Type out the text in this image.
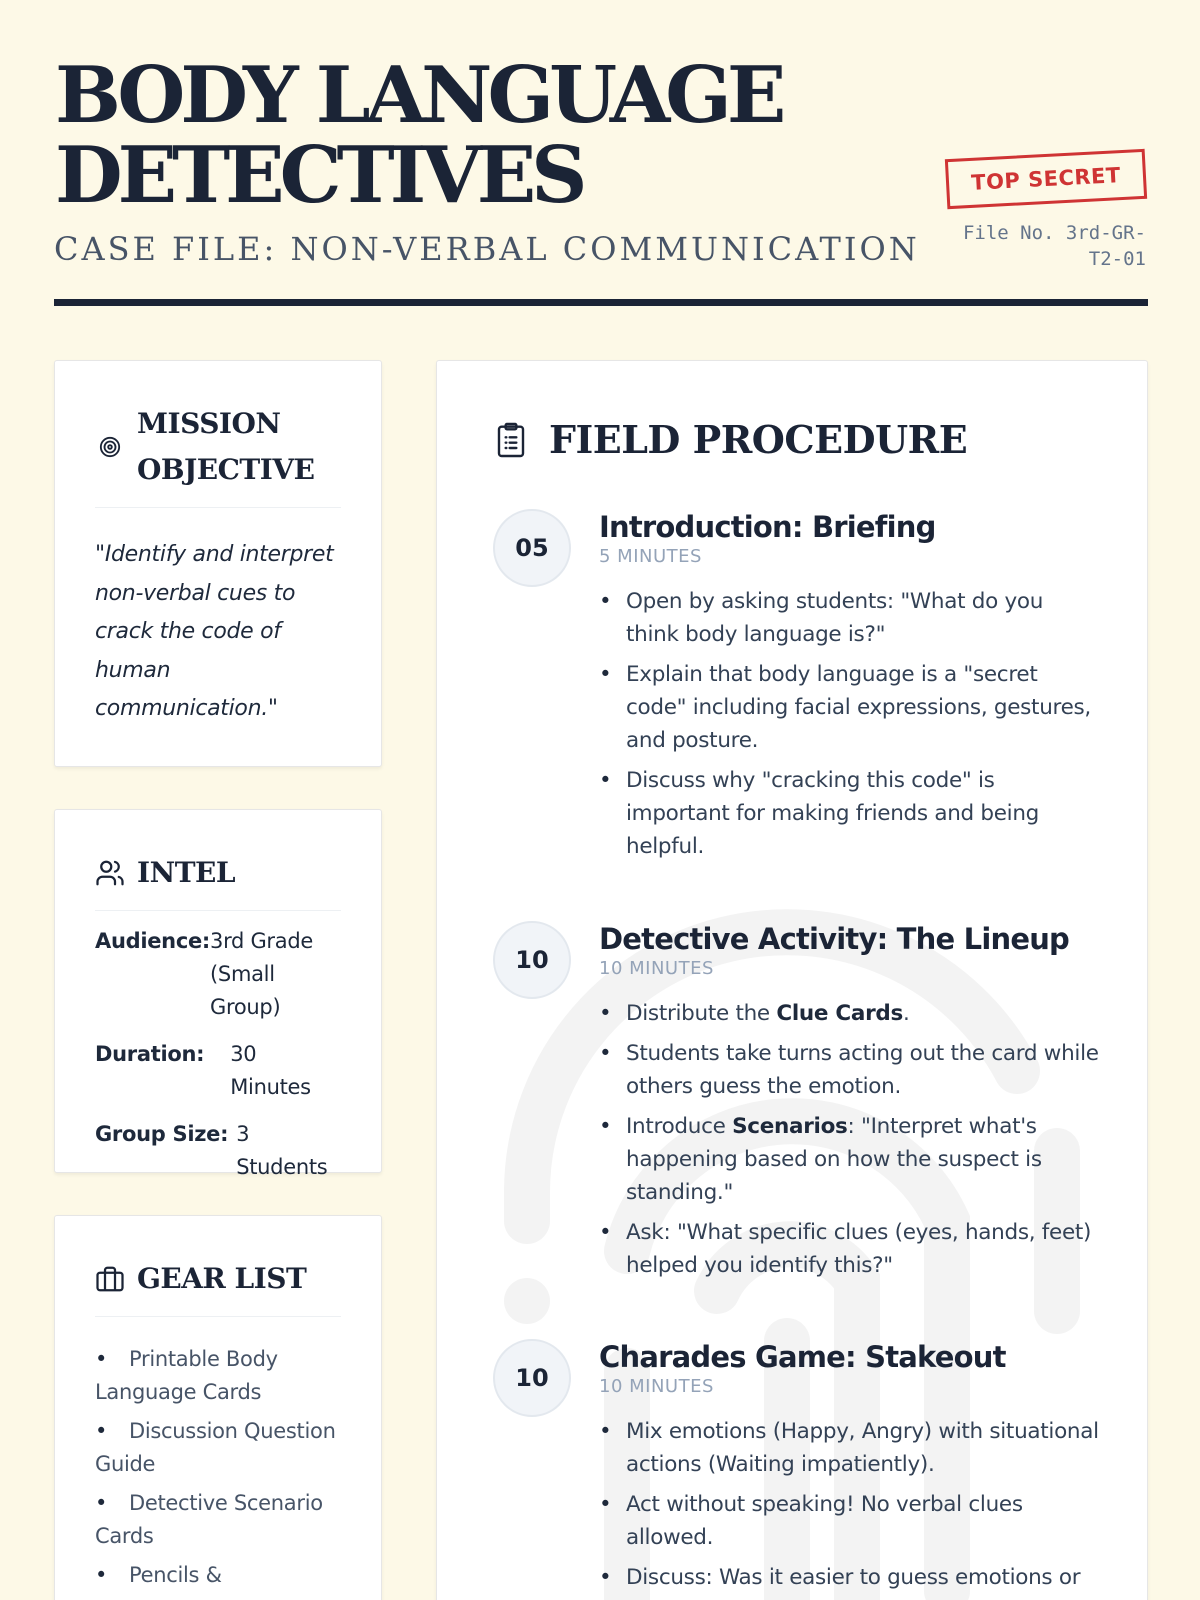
BODY LANGUAGE
DETECTIVES
CASE FILE: NON-VERBAL COMMUNICATION
TOP SECRET
File No. 3rd-GR-T2-01
MISSION OBJECTIVE

"Identify and interpret non-verbal cues to crack the code of human communication."

INTEL
Audience: 3rd Grade (Small Group)
Duration:	30 Minutes
Group Size: 3 Students
GEAR LIST
• Printable Body Language Cards
• Discussion Question Guide
• Detective Scenario Cards
• Pencils &
FIELD PROCEDURE
05
Introduction: Briefing
5 MINUTES
• Open by asking students: "What do you think body language is?"
• Explain that body language is a "secret code" including facial expressions, gestures, and posture.
• Discuss why "cracking this code" is important for making friends and being helpful.
10
Detective Activity: The Lineup
10 MINUTES
• Distribute the Clue Cards.
• Students take turns acting out the card while others guess the emotion.
• Introduce Scenarios: "Interpret what's happening based on how the suspect is standing."
• Ask: "What specific clues (eyes, hands, feet) helped you identify this?"
10
Charades Game: Stakeout
10 MINUTES
• Mix emotions (Happy, Angry) with situational actions (Waiting impatiently).
• Act without speaking! No verbal clues allowed.
• Discuss: Was it easier to guess emotions or
